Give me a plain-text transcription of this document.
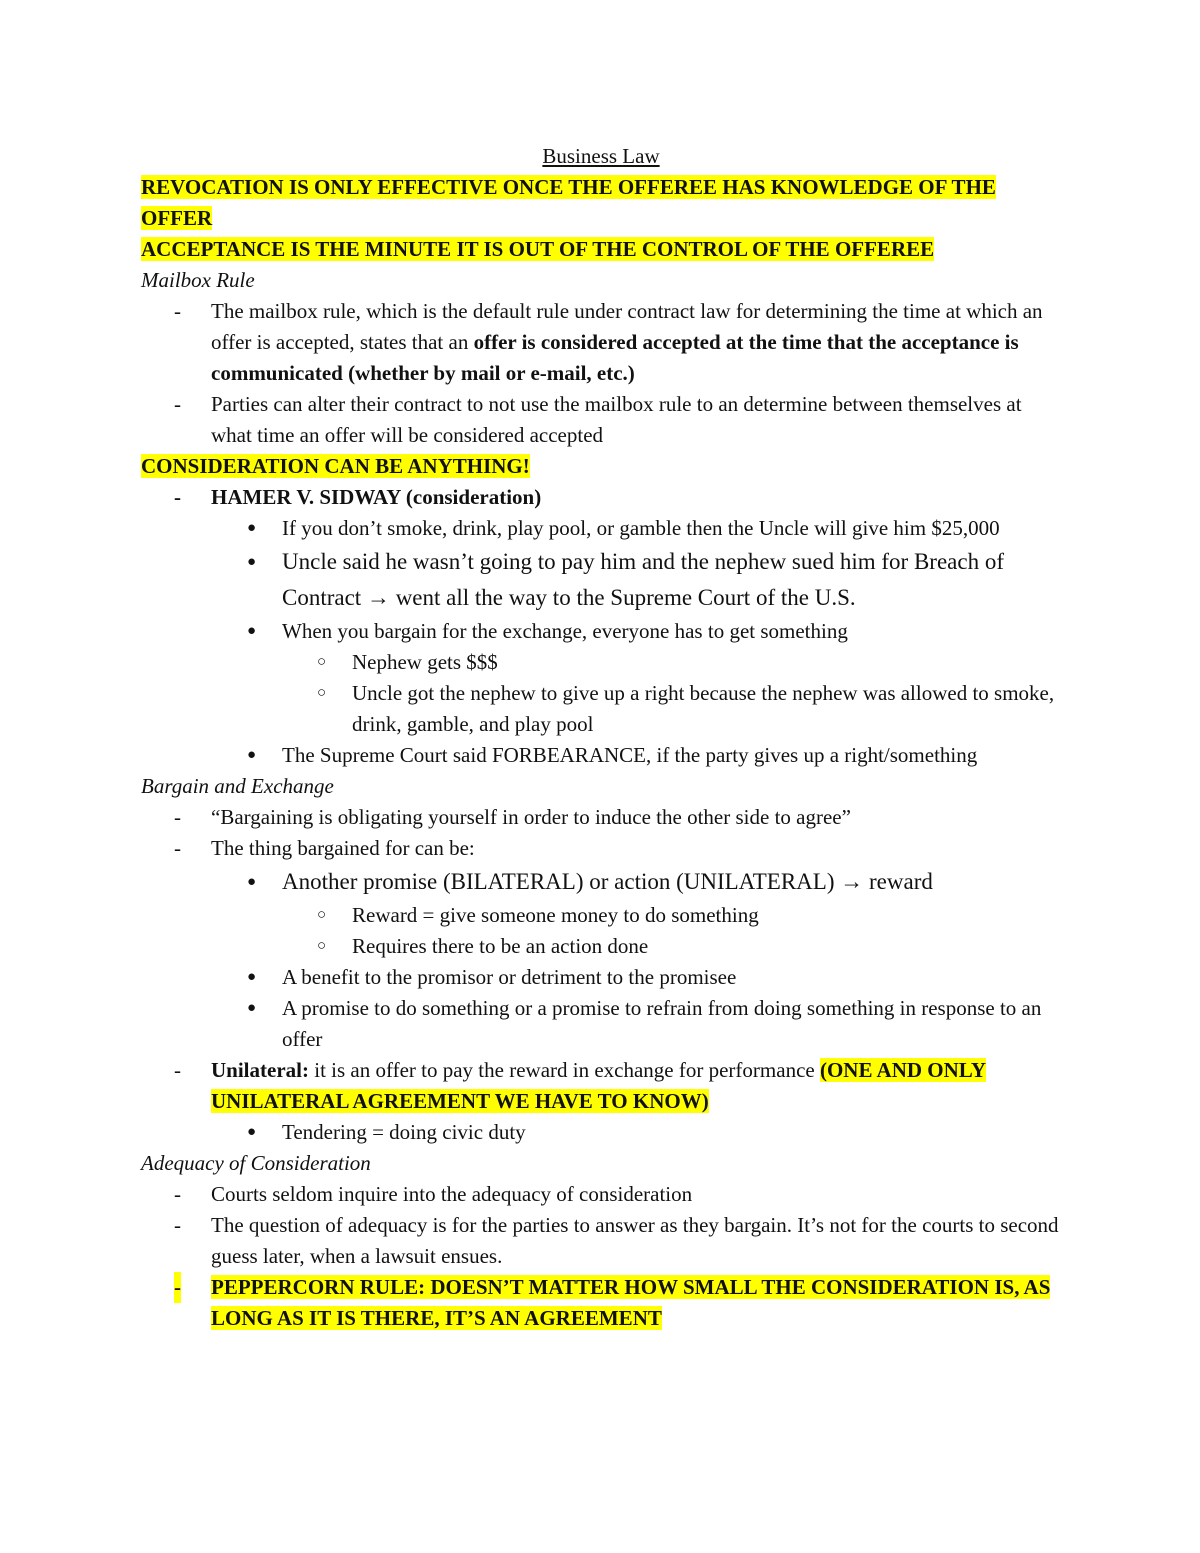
Business Law

REVOCATION IS ONLY EFFECTIVE ONCE THE OFFEREE HAS KNOWLEDGE OF THE OFFER

ACCEPTANCE IS THE MINUTE IT IS OUT OF THE CONTROL OF THE OFFEREE

Mailbox Rule

- The mailbox rule, which is the default rule under contract law for determining the time at which an offer is accepted, states that an offer is considered accepted at the time that the acceptance is communicated (whether by mail or e-mail, etc.)
- Parties can alter their contract to not use the mailbox rule to an determine between themselves at what time an offer will be considered accepted

CONSIDERATION CAN BE ANYTHING!

- HAMER V. SIDWAY (consideration)
● If you don’t smoke, drink, play pool, or gamble then the Uncle will give him $25,000
● Uncle said he wasn’t going to pay him and the nephew sued him for Breach of Contract → went all the way to the Supreme Court of the U.S.
● When you bargain for the exchange, everyone has to get something
○ Nephew gets $$$
○ Uncle got the nephew to give up a right because the nephew was allowed to smoke, drink, gamble, and play pool
● The Supreme Court said FORBEARANCE, if the party gives up a right/something

Bargain and Exchange

- “Bargaining is obligating yourself in order to induce the other side to agree”
- The thing bargained for can be:
● Another promise (BILATERAL) or action (UNILATERAL) → reward
○ Reward = give someone money to do something
○ Requires there to be an action done
● A benefit to the promisor or detriment to the promisee
● A promise to do something or a promise to refrain from doing something in response to an offer
- Unilateral: it is an offer to pay the reward in exchange for performance (ONE AND ONLY UNILATERAL AGREEMENT WE HAVE TO KNOW)
● Tendering = doing civic duty

Adequacy of Consideration

- Courts seldom inquire into the adequacy of consideration
- The question of adequacy is for the parties to answer as they bargain. It’s not for the courts to second guess later, when a lawsuit ensues.
- PEPPERCORN RULE: DOESN’T MATTER HOW SMALL THE CONSIDERATION IS, AS LONG AS IT IS THERE, IT’S AN AGREEMENT
